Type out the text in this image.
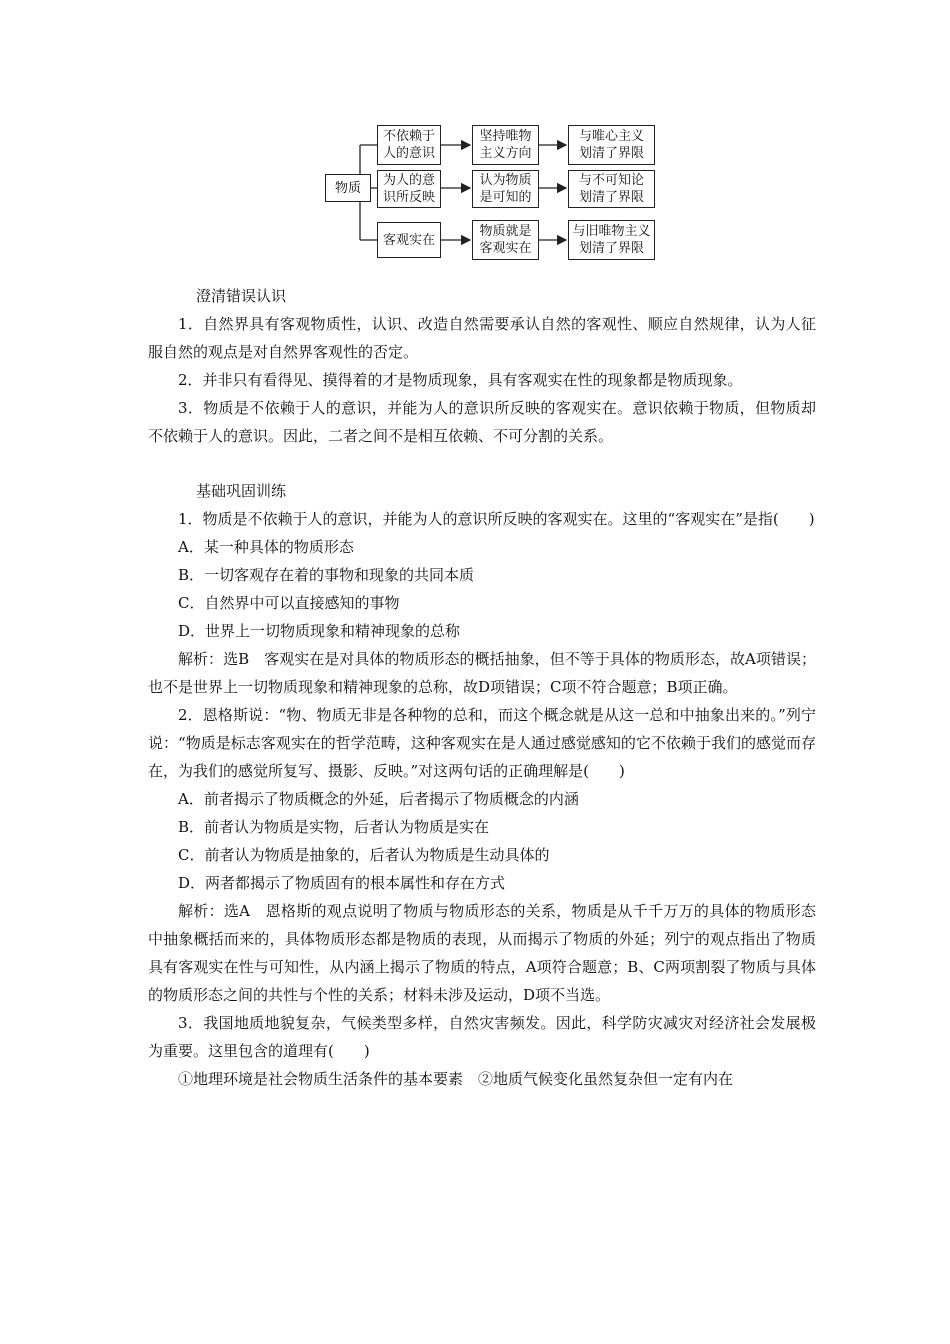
物质
不依赖于
人的意识
坚持唯物
主义方向
与唯心主义
划清了界限
为人的意
识所反映
认为物质
是可知的
与不可知论
划清了界限
客观实在
物质就是
客观实在
与旧唯物主义
划清了界限

澄清错误认识

1．自然界具有客观物质性，认识、改造自然需要承认自然的客观性、顺应自然规律，认为人征服自然的观点是对自然界客观性的否定。

2．并非只有看得见、摸得着的才是物质现象，具有客观实在性的现象都是物质现象。

3．物质是不依赖于人的意识，并能为人的意识所反映的客观实在。意识依赖于物质，但物质却不依赖于人的意识。因此，二者之间不是相互依赖、不可分割的关系。

基础巩固训练

1．物质是不依赖于人的意识，并能为人的意识所反映的客观实在。这里的“客观实在”是指(　　)

A．某一种具体的物质形态

B．一切客观存在着的事物和现象的共同本质

C．自然界中可以直接感知的事物

D．世界上一切物质现象和精神现象的总称

解析：选B　客观实在是对具体的物质形态的概括抽象，但不等于具体的物质形态，故A项错误；也不是世界上一切物质现象和精神现象的总称，故D项错误；C项不符合题意；B项正确。

2．恩格斯说：“物、物质无非是各种物的总和，而这个概念就是从这一总和中抽象出来的。”列宁说：“物质是标志客观实在的哲学范畴，这种客观实在是人通过感觉感知的它不依赖于我们的感觉而存在，为我们的感觉所复写、摄影、反映。”对这两句话的正确理解是(　　)

A．前者揭示了物质概念的外延，后者揭示了物质概念的内涵

B．前者认为物质是实物，后者认为物质是实在

C．前者认为物质是抽象的，后者认为物质是生动具体的

D．两者都揭示了物质固有的根本属性和存在方式

解析：选A　恩格斯的观点说明了物质与物质形态的关系，物质是从千千万万的具体的物质形态中抽象概括而来的，具体物质形态都是物质的表现，从而揭示了物质的外延；列宁的观点指出了物质具有客观实在性与可知性，从内涵上揭示了物质的特点，A项符合题意；B、C两项割裂了物质与具体的物质形态之间的共性与个性的关系；材料未涉及运动，D项不当选。

3．我国地质地貌复杂，气候类型多样，自然灾害频发。因此，科学防灾减灾对经济社会发展极为重要。这里包含的道理有(　　)

①地理环境是社会物质生活条件的基本要素　②地质气候变化虽然复杂但一定有内在
